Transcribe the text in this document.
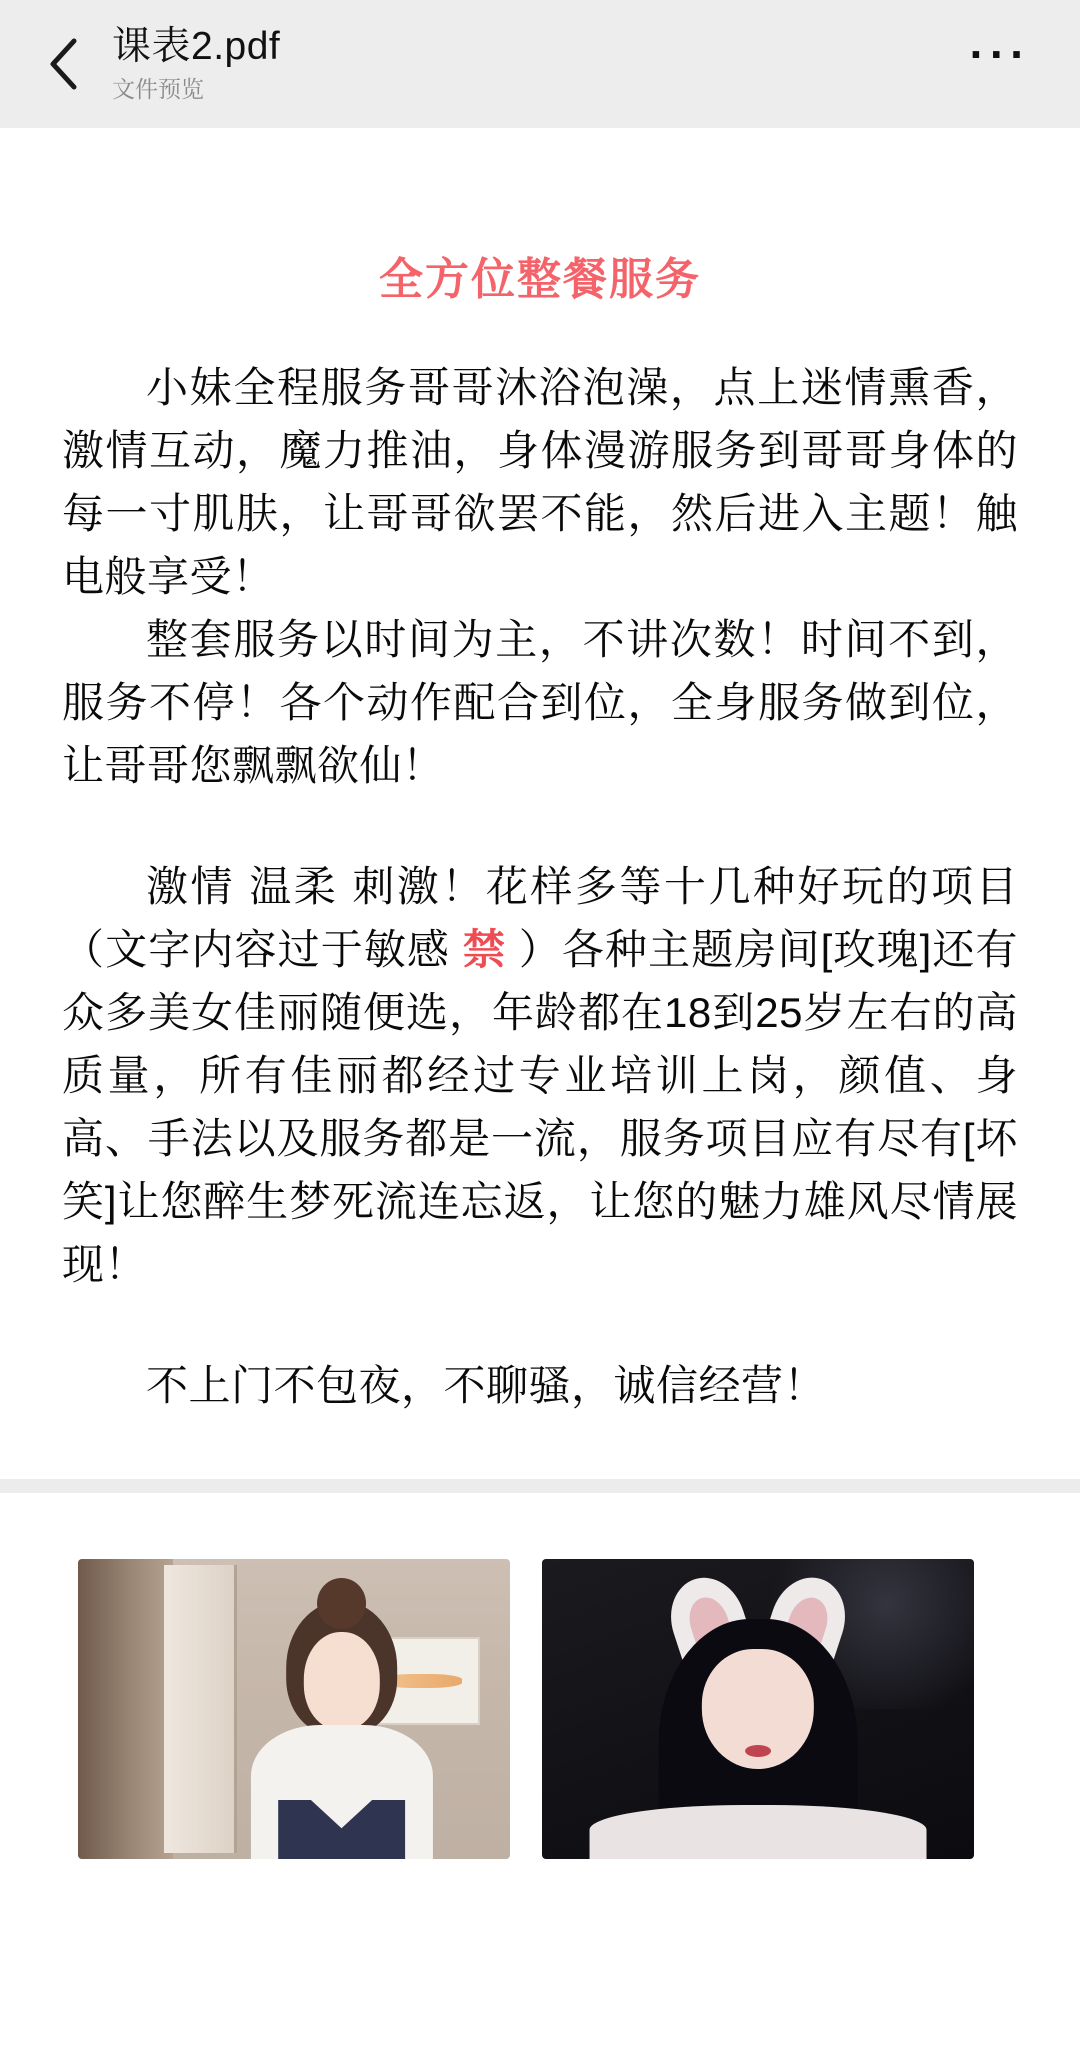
课表2.pdf
文件预览
···
全方位整餐服务

小妹全程服务哥哥沐浴泡澡，点上迷情熏香，激情互动，魔力推油，身体漫游服务到哥哥身体的每一寸肌肤，让哥哥欲罢不能，然后进入主题！触电般享受！

整套服务以时间为主，不讲次数！时间不到，服务不停！各个动作配合到位，全身服务做到位，让哥哥您飘飘欲仙！

激情 温柔 刺激！花样多等十几种好玩的项目（文字内容过于敏感 禁 ）各种主题房间[玫瑰]还有众多美女佳丽随便选，年龄都在18到25岁左右的高质量，所有佳丽都经过专业培训上岗，颜值、身高、手法以及服务都是一流，服务项目应有尽有[坏笑]让您醉生梦死流连忘返，让您的魅力雄风尽情展现！

不上门不包夜，不聊骚，诚信经营！
